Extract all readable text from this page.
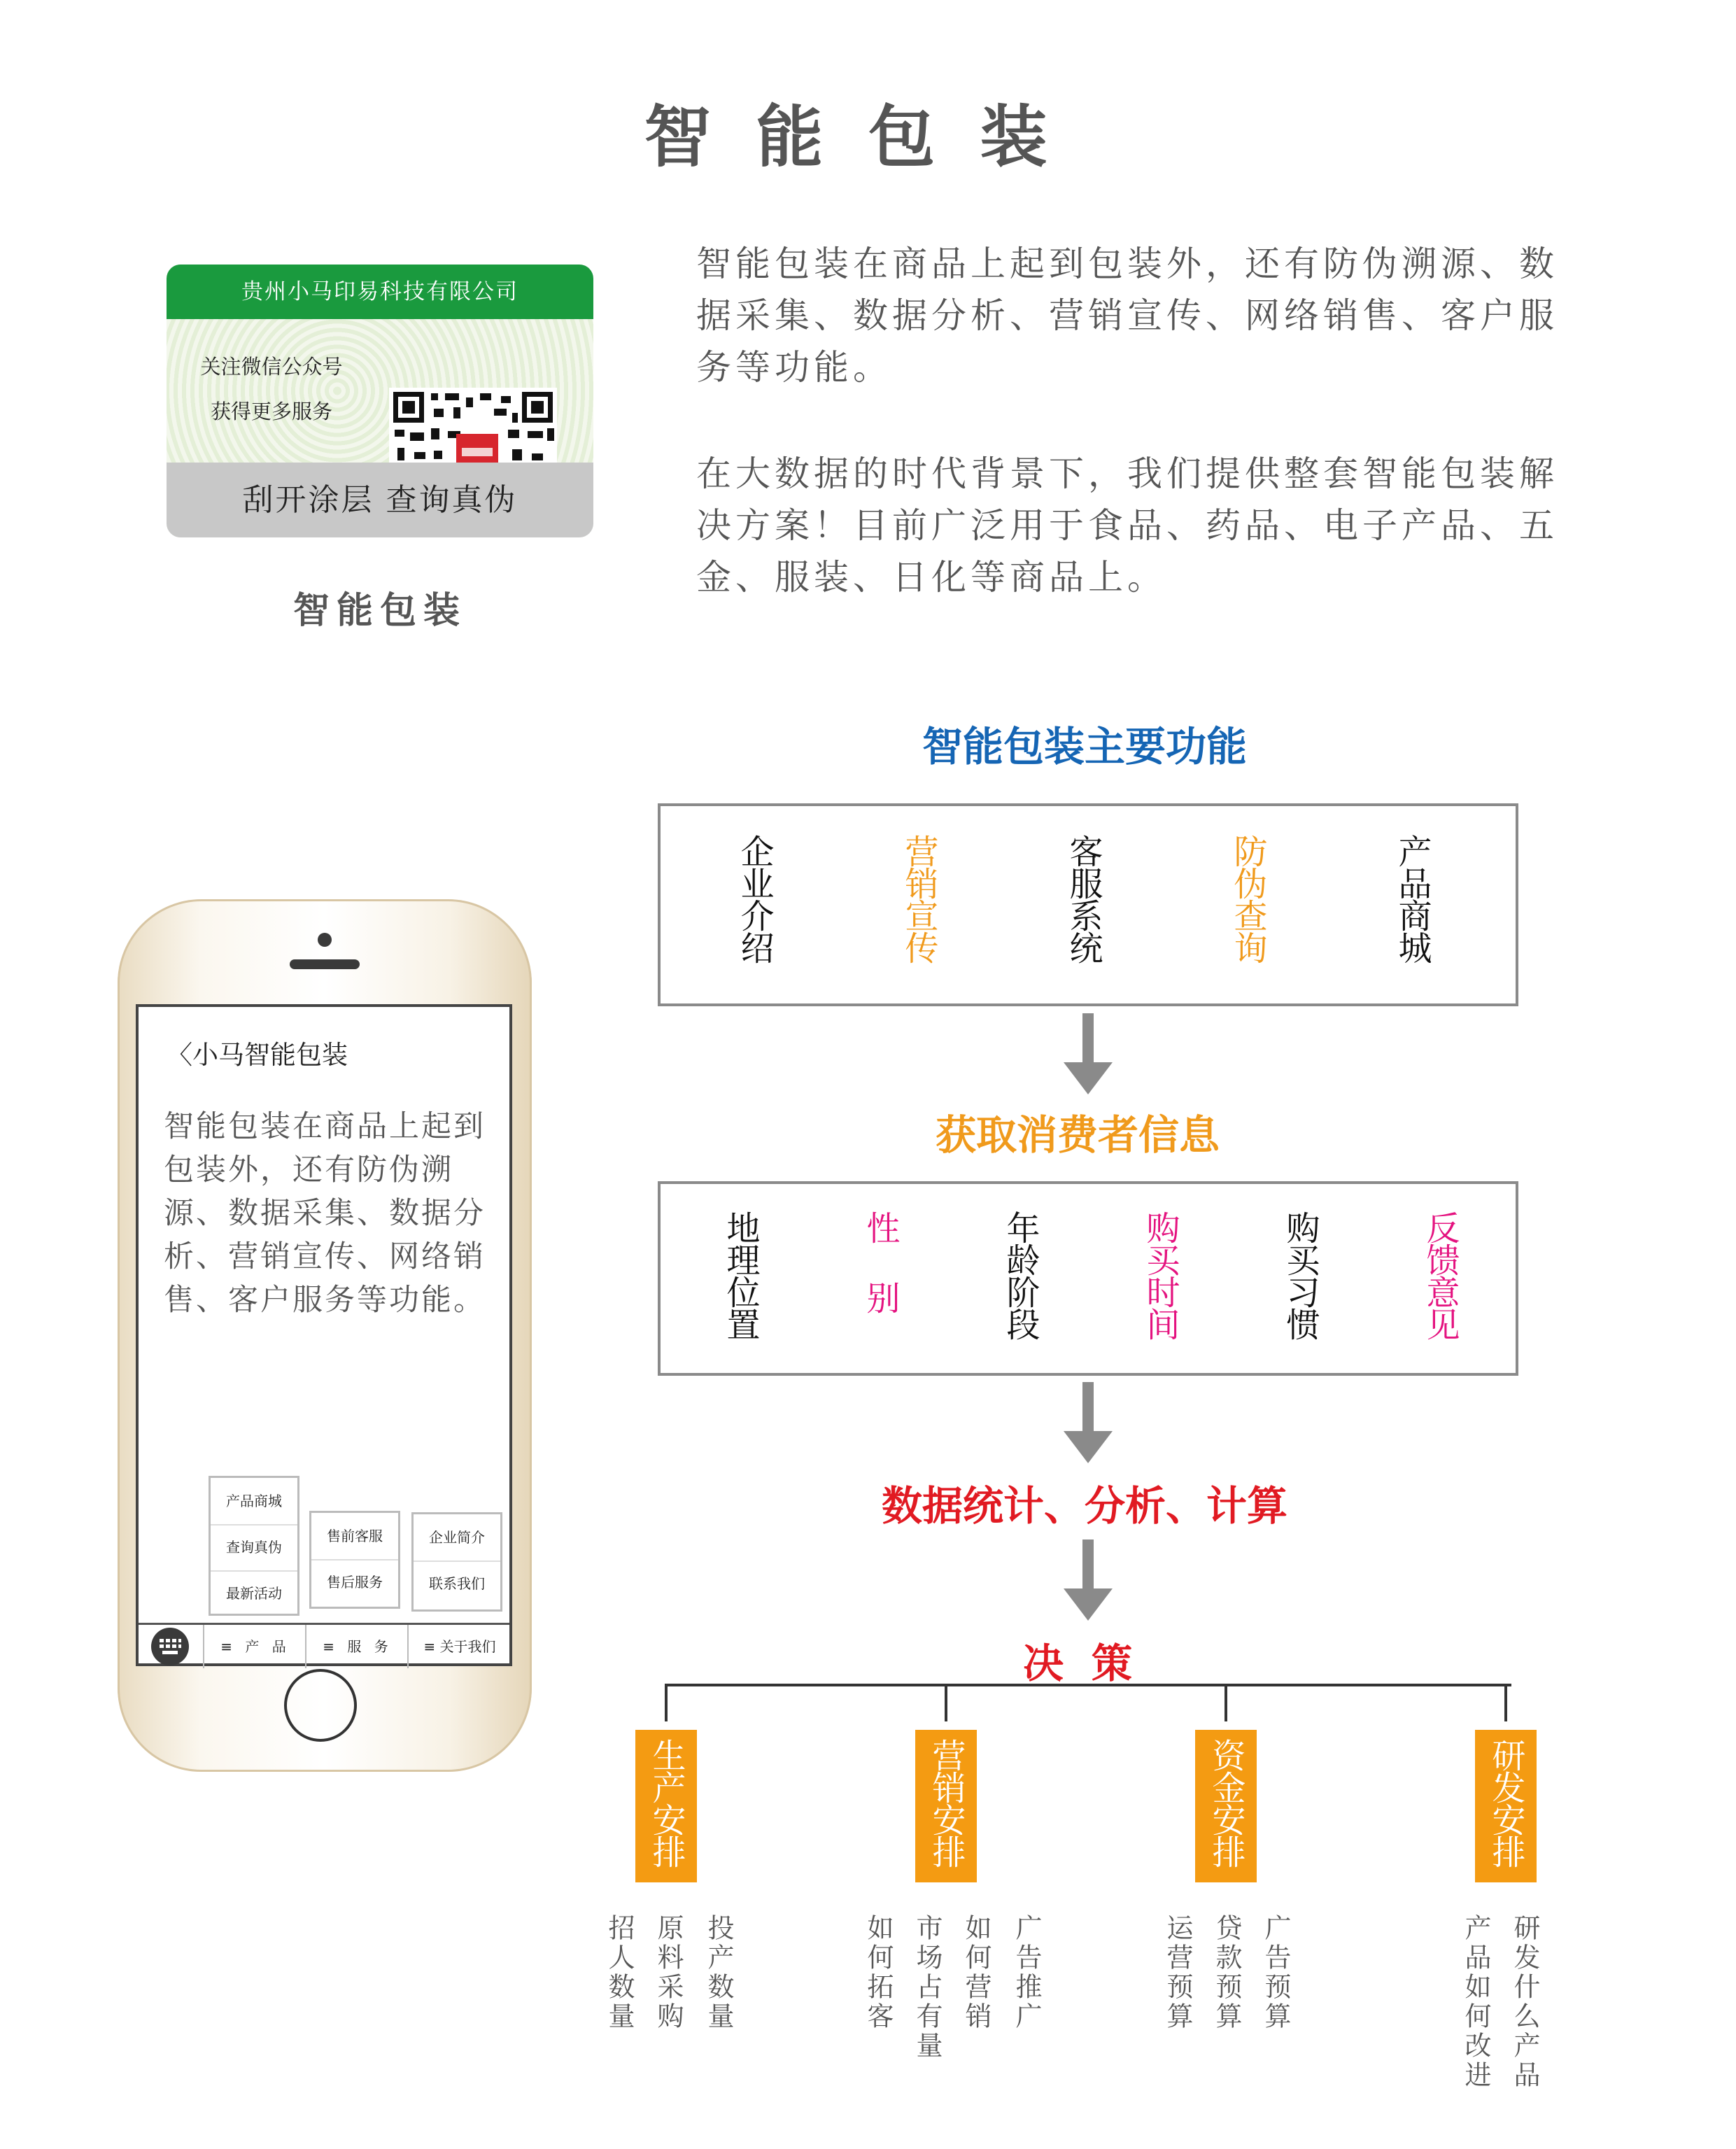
智能包装
贵州小马印易科技有限公司
关注微信公众号
获得更多服务
刮开涂层 查询真伪
智能包装
智能包装在商品上起到包装外，还有防伪溯源、数据采集、数据分析、营销宣传、网络销售、客户服务等功能。
在大数据的时代背景下，我们提供整套智能包装解决方案！目前广泛用于食品、药品、电子产品、五金、服装、日化等商品上。
〈小马智能包装
智能包装在商品上起到包装外，还有防伪溯源、数据采集、数据分析、营销宣传、网络销售、客户服务等功能。
产品商城
查询真伪
最新活动
售前客服
售后服务
企业简介
联系我们
≡ 产 品	≡ 服 务	≡ 关于我们
智能包装主要功能
企业介绍	营销宣传	客服系统	防伪查询	产品商城
获取消费者信息
地理位置	性别	年龄阶段	购买时间	购买习惯	反馈意见
数据统计、分析、计算
决策
生产安排	营销安排	资金安排	研发安排
投产数量
原料采购
招人数量	广告推广
如何营销
市场占有量
如何拓客	广告预算
贷款预算
运营预算	研发什么产品
产品如何改进
